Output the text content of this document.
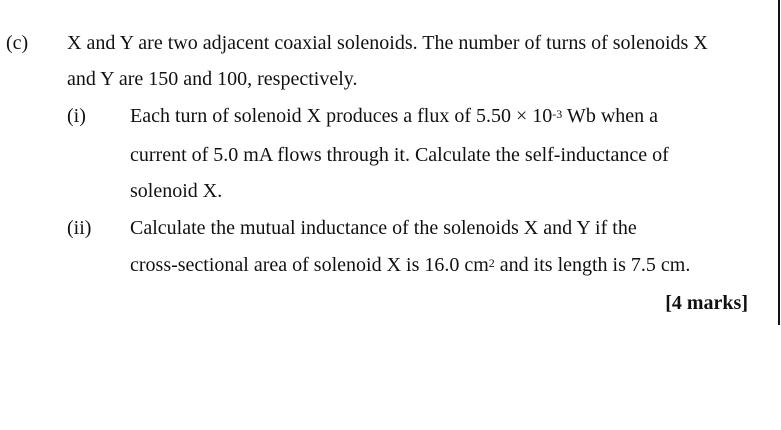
(c) X and Y are two adjacent coaxial solenoids. The number of turns of solenoids X
and Y are 150 and 100, respectively.
(i) Each turn of solenoid X produces a flux of $5.50 \times 10^{-3}$ Wb when a
current of 5.0 mA flows through it. Calculate the self-inductance of
solenoid X.
(ii) Calculate the mutual inductance of the solenoids X and Y if the
cross-sectional area of solenoid X is 16.0 $cm^2$ and its length is 7.5 cm.
[4 marks]
